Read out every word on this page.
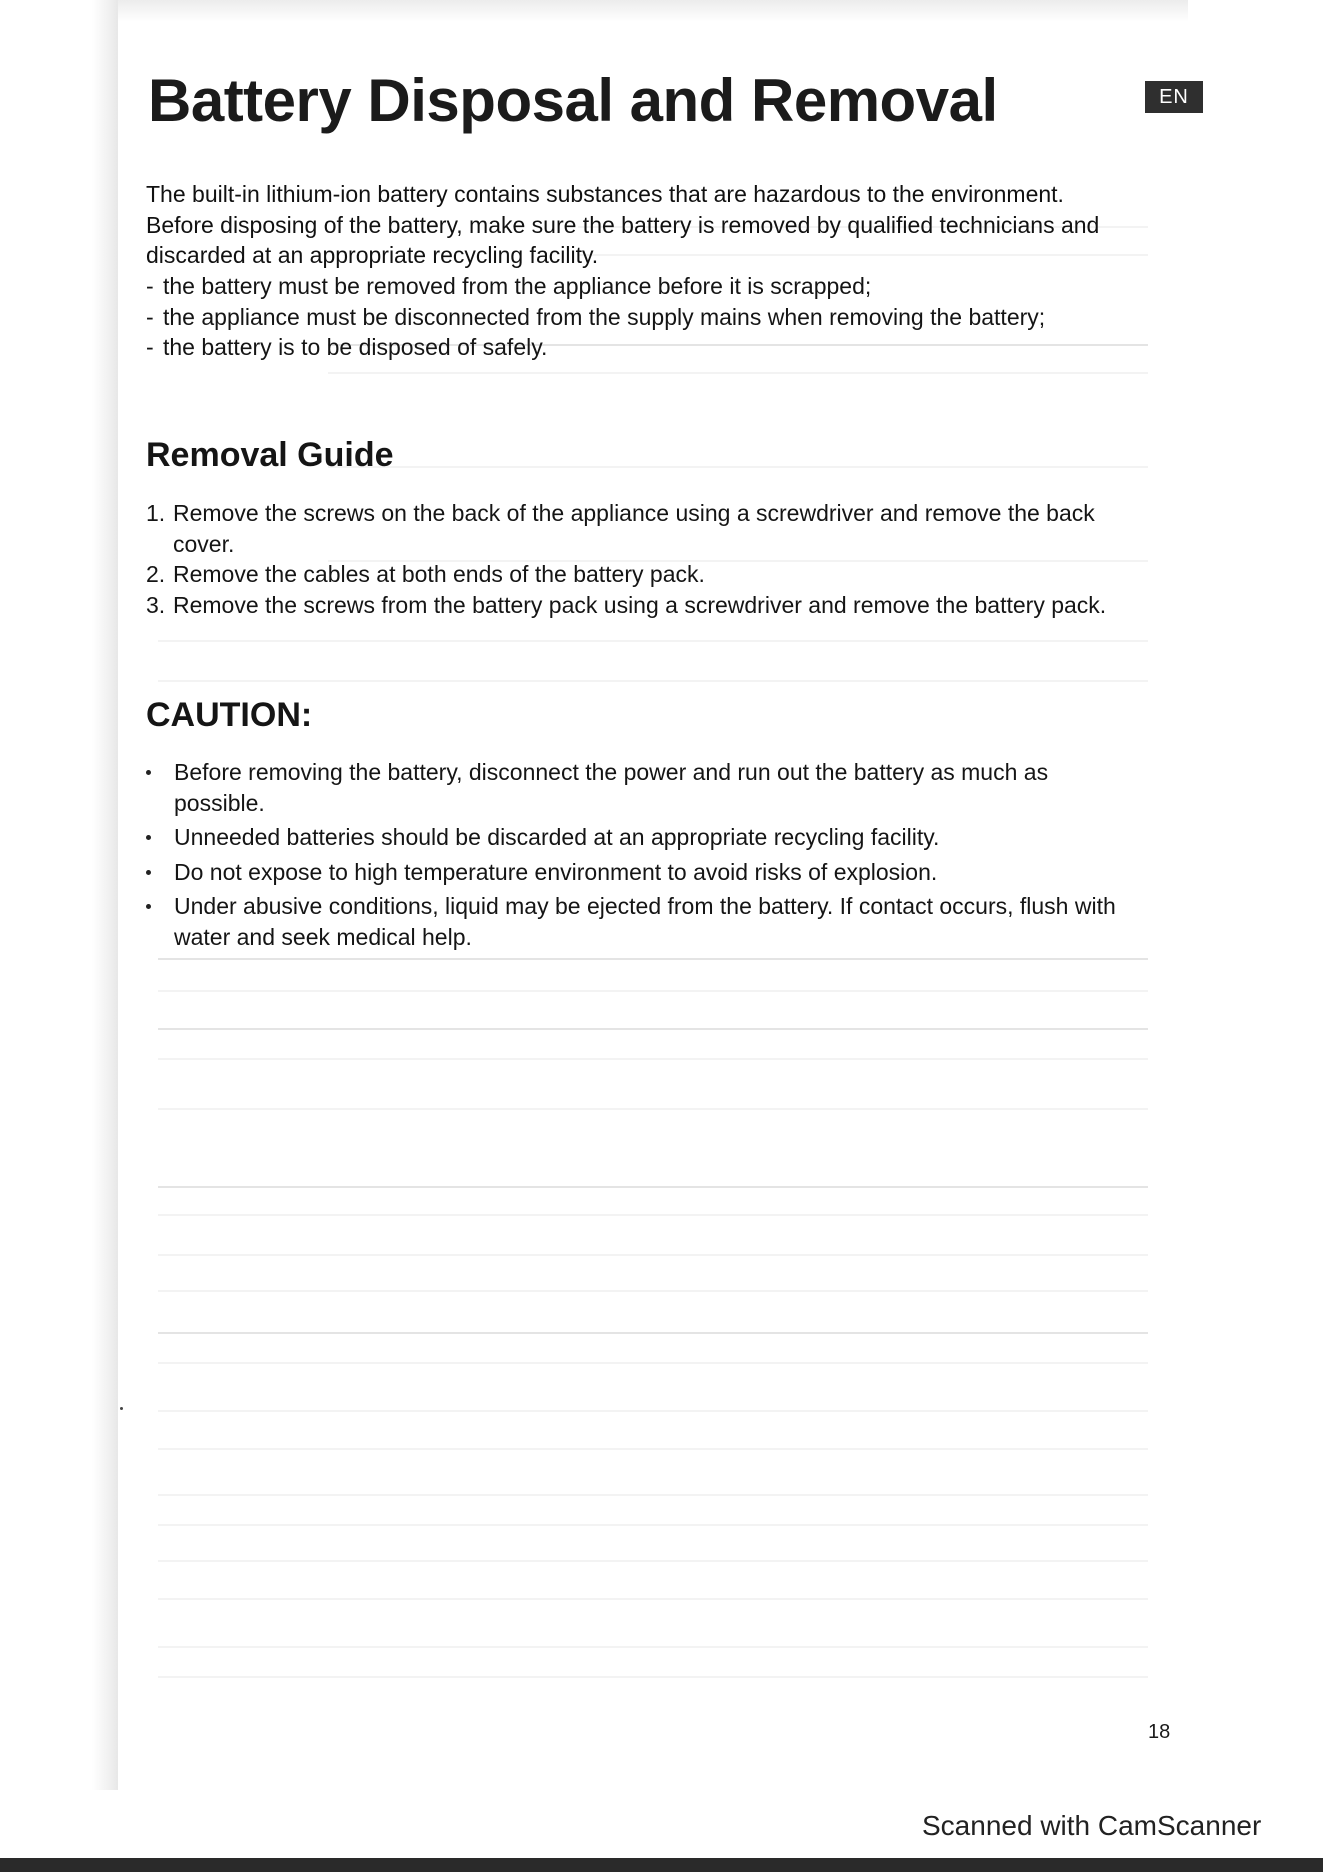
Battery Disposal and Removal	EN

The built-in lithium-ion battery contains substances that are hazardous to the environment. Before disposing of the battery, make sure the battery is removed by qualified technicians and discarded at an appropriate recycling facility.

- the battery must be removed from the appliance before it is scrapped;
- the appliance must be disconnected from the supply mains when removing the battery;
- the battery is to be disposed of safely.
Removal Guide
1. Remove the screws on the back of the appliance using a screwdriver and remove the back cover.
2. Remove the cables at both ends of the battery pack.
3. Remove the screws from the battery pack using a screwdriver and remove the battery pack.
CAUTION:
Before removing the battery, disconnect the power and run out the battery as much as possible.
Unneeded batteries should be discarded at an appropriate recycling facility.
Do not expose to high temperature environment to avoid risks of explosion.
Under abusive conditions, liquid may be ejected from the battery. If contact occurs, flush with water and seek medical help.
18
Scanned with CamScanner
